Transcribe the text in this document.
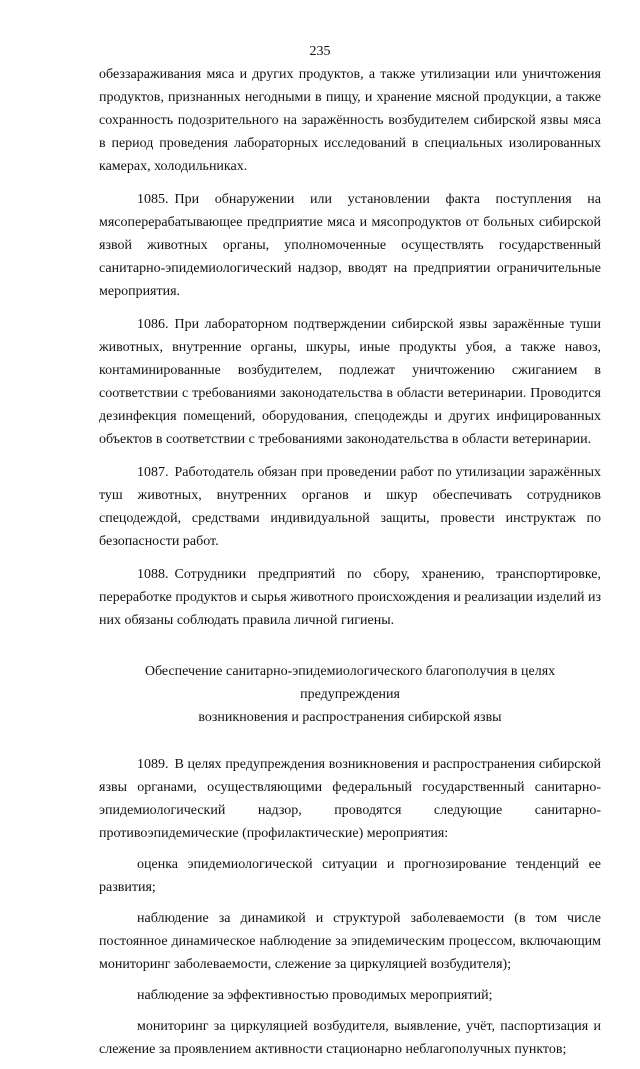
235

обеззараживания мяса и других продуктов, а также утилизации или уничтожения продуктов, признанных негодными в пищу, и хранение мясной продукции, а также сохранность подозрительного на заражённость возбудителем сибирской язвы мяса в период проведения лабораторных исследований в специальных изолированных камерах, холодильниках.

1085. При обнаружении или установлении факта поступления на мясоперерабатывающее предприятие мяса и мясопродуктов от больных сибирской язвой животных органы, уполномоченные осуществлять государственный санитарно-эпидемиологический надзор, вводят на предприятии ограничительные мероприятия.

1086. При лабораторном подтверждении сибирской язвы заражённые туши животных, внутренние органы, шкуры, иные продукты убоя, а также навоз, контаминированные возбудителем, подлежат уничтожению сжиганием в соответствии с требованиями законодательства в области ветеринарии. Проводится дезинфекция помещений, оборудования, спецодежды и других инфицированных объектов в соответствии с требованиями законодательства в области ветеринарии.

1087. Работодатель обязан при проведении работ по утилизации заражённых туш животных, внутренних органов и шкур обеспечивать сотрудников спецодеждой, средствами индивидуальной защиты, провести инструктаж по безопасности работ.

1088. Сотрудники предприятий по сбору, хранению, транспортировке, переработке продуктов и сырья животного происхождения и реализации изделий из них обязаны соблюдать правила личной гигиены.

Обеспечение санитарно-эпидемиологического благополучия в целях предупреждения
возникновения и распространения сибирской язвы

1089. В целях предупреждения возникновения и распространения сибирской язвы органами, осуществляющими федеральный государственный санитарно-эпидемиологический надзор, проводятся следующие санитарно-противоэпидемические (профилактические) мероприятия:

оценка эпидемиологической ситуации и прогнозирование тенденций ее развития;

наблюдение за динамикой и структурой заболеваемости (в том числе постоянное динамическое наблюдение за эпидемическим процессом, включающим мониторинг заболеваемости, слежение за циркуляцией возбудителя);

наблюдение за эффективностью проводимых мероприятий;

мониторинг за циркуляцией возбудителя, выявление, учёт, паспортизация и слежение за проявлением активности стационарно неблагополучных пунктов;
